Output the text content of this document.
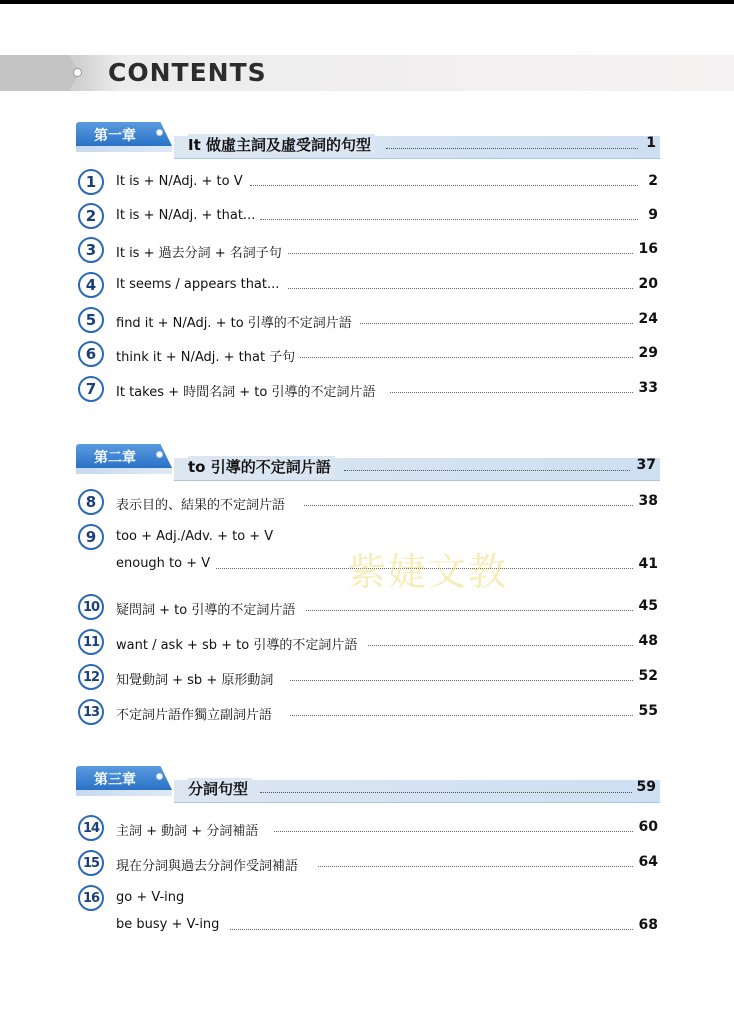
CONTENTS
第一章	It 做虛主詞及虛受詞的句型	1
1	It is + N/Adj. + to V	2
2	It is + N/Adj. + that...	9
3	It is + 過去分詞 + 名詞子句	16
4	It seems / appears that...	20
5	find it + N/Adj. + to 引導的不定詞片語	24
6	think it + N/Adj. + that 子句	29
7	It takes + 時間名詞 + to 引導的不定詞片語	33
第二章	to 引導的不定詞片語	37
8	表示目的、結果的不定詞片語	38
9	too + Adj./Adv. + to + V
enough to + V	41
10	疑問詞 + to 引導的不定詞片語	45
11	want / ask + sb + to 引導的不定詞片語	48
12	知覺動詞 + sb + 原形動詞	52
13	不定詞片語作獨立副詞片語	55
第三章	分詞句型	59
14	主詞 + 動詞 + 分詞補語	60
15	現在分詞與過去分詞作受詞補語	64
16	go + V-ing
be busy + V-ing	68
紫婕文教
